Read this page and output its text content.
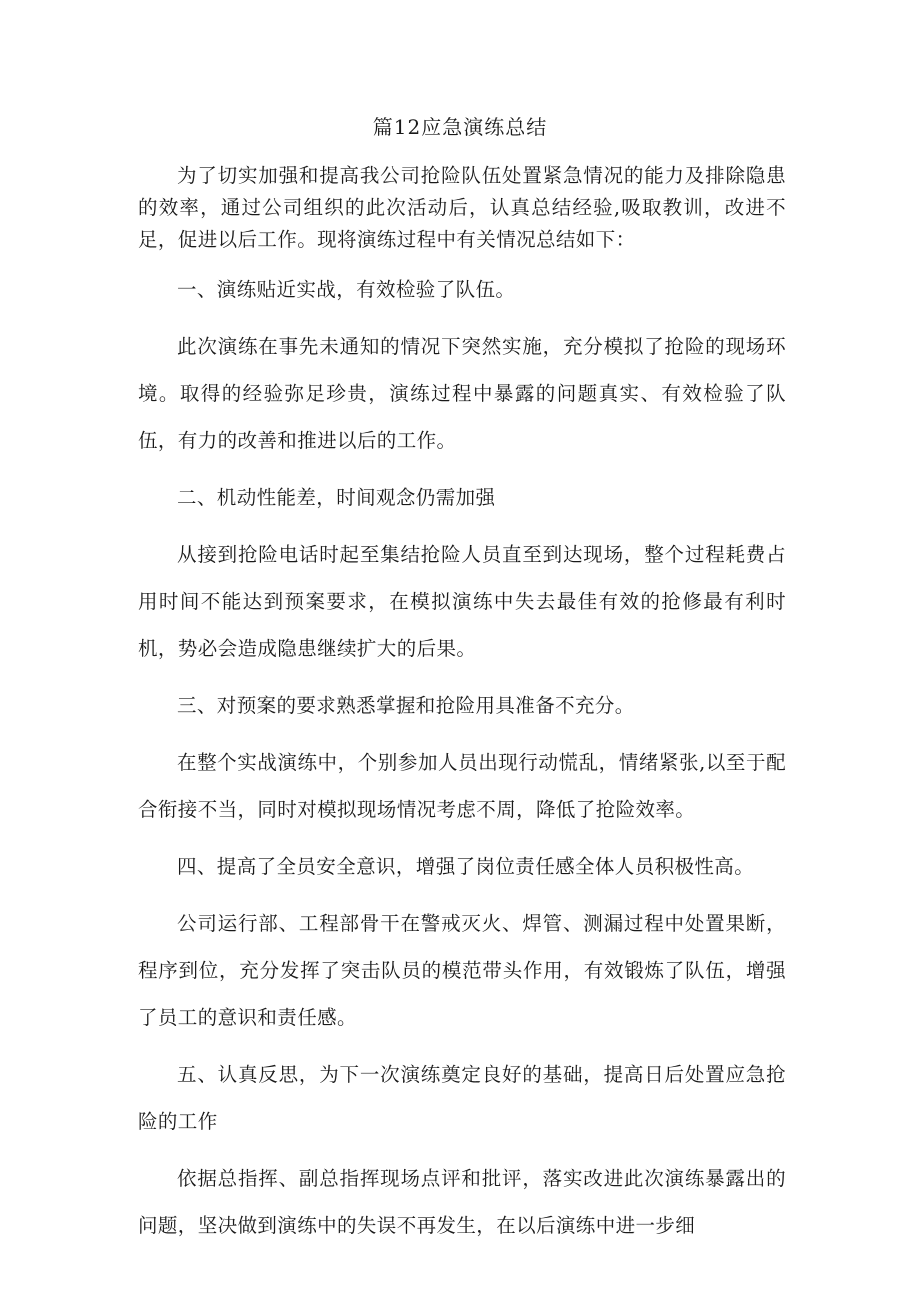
篇12应急演练总结

为了切实加强和提高我公司抢险队伍处置紧急情况的能力及排除隐患的效率，通过公司组织的此次活动后，认真总结经验,吸取教训，改进不足，促进以后工作。现将演练过程中有关情况总结如下：

一、演练贴近实战，有效检验了队伍。

此次演练在事先未通知的情况下突然实施，充分模拟了抢险的现场环境。取得的经验弥足珍贵，演练过程中暴露的问题真实、有效检验了队伍，有力的改善和推进以后的工作。

二、机动性能差，时间观念仍需加强

从接到抢险电话时起至集结抢险人员直至到达现场，整个过程耗费占用时间不能达到预案要求，在模拟演练中失去最佳有效的抢修最有利时机，势必会造成隐患继续扩大的后果。

三、对预案的要求熟悉掌握和抢险用具准备不充分。

在整个实战演练中，个别参加人员出现行动慌乱，情绪紧张,以至于配合衔接不当，同时对模拟现场情况考虑不周，降低了抢险效率。

四、提高了全员安全意识，增强了岗位责任感全体人员积极性高。

公司运行部、工程部骨干在警戒灭火、焊管、测漏过程中处置果断，程序到位，充分发挥了突击队员的模范带头作用，有效锻炼了队伍，增强了员工的意识和责任感。

五、认真反思，为下一次演练奠定良好的基础，提高日后处置应急抢险的工作

依据总指挥、副总指挥现场点评和批评，落实改进此次演练暴露出的问题，坚决做到演练中的失误不再发生，在以后演练中进一步细
